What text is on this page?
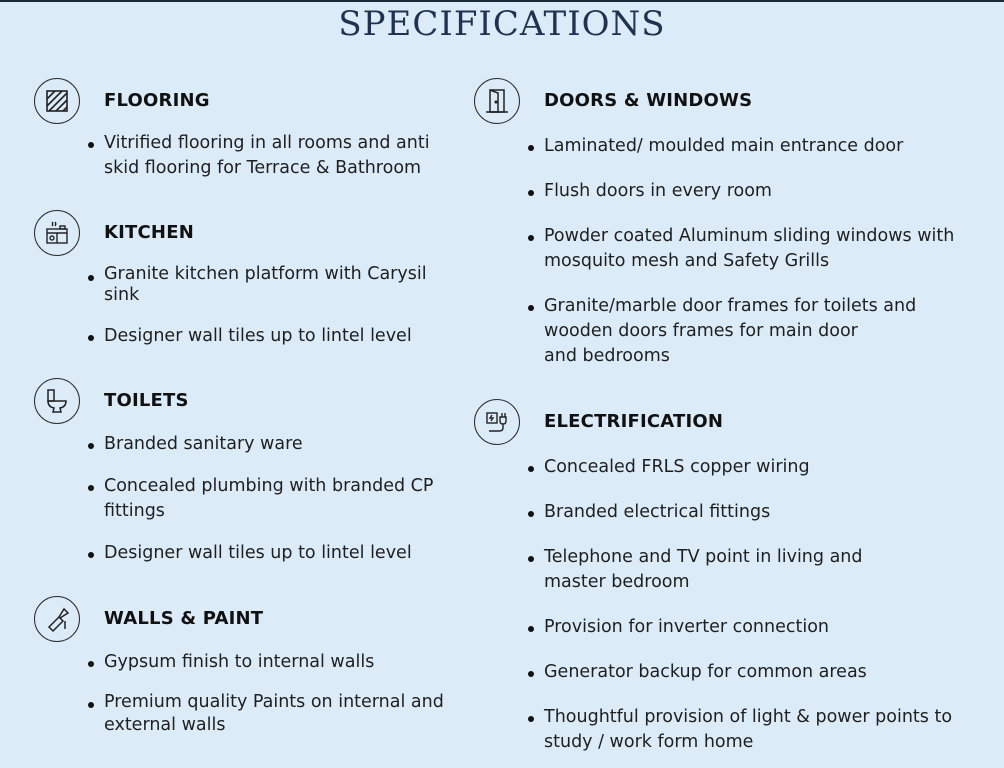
SPECIFICATIONS
FLOORING
Vitrified flooring in all rooms and anti
skid flooring for Terrace & Bathroom
KITCHEN
Granite kitchen platform with Carysil
sink
Designer wall tiles up to lintel level
TOILETS
Branded sanitary ware
Concealed plumbing with branded CP
fittings
Designer wall tiles up to lintel level
WALLS & PAINT
Gypsum finish to internal walls
Premium quality Paints on internal and
external walls
DOORS & WINDOWS
Laminated/ moulded main entrance door
Flush doors in every room
Powder coated Aluminum sliding windows with
mosquito mesh and Safety Grills
Granite/marble door frames for toilets and
wooden doors frames for main door
and bedrooms
ELECTRIFICATION
Concealed FRLS copper wiring
Branded electrical fittings
Telephone and TV point in living and
master bedroom
Provision for inverter connection
Generator backup for common areas
Thoughtful provision of light & power points to
study / work form home
